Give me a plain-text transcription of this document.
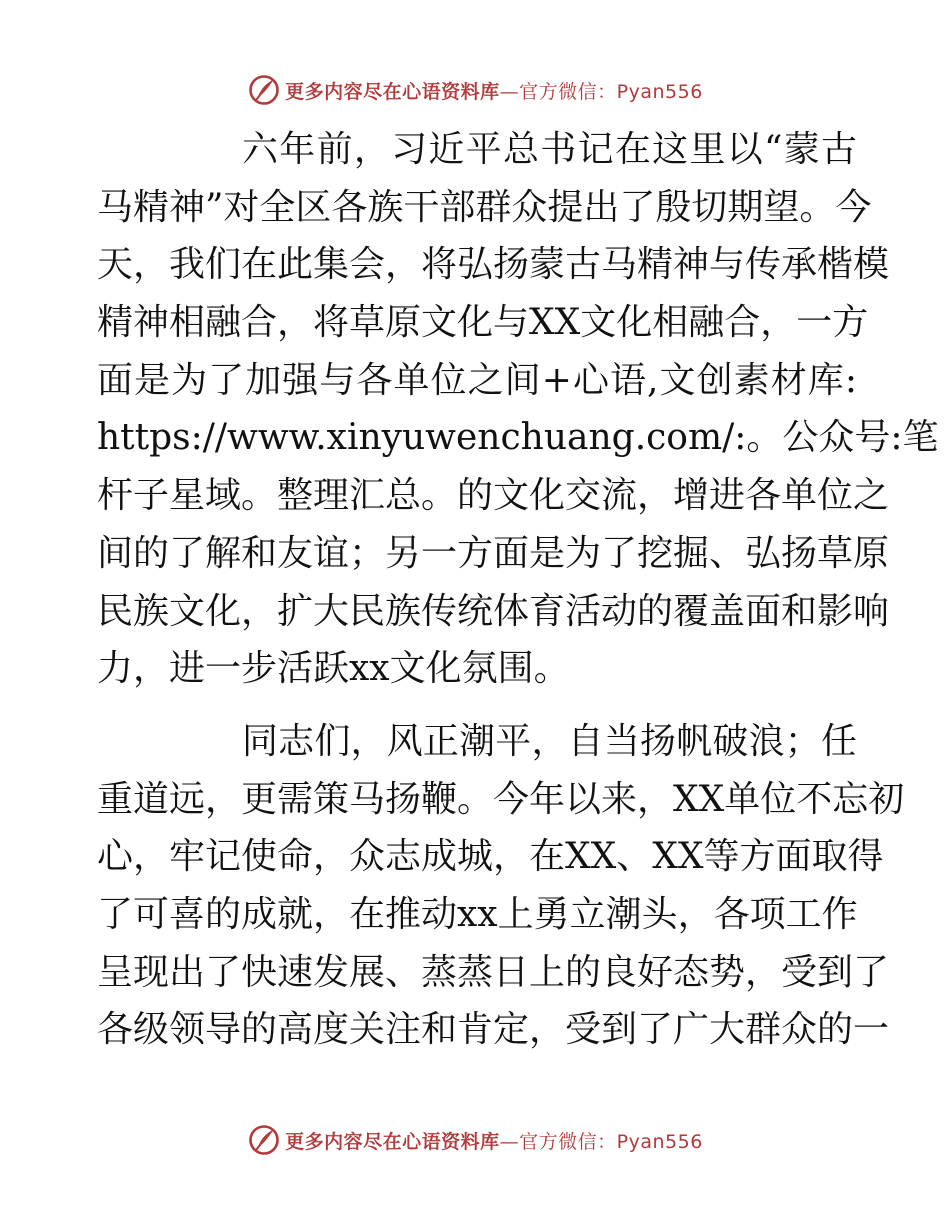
更多内容尽在心语资料库—官方微信：Pyan556
六年前，习近平总书记在这里以“蒙古
马精神”对全区各族干部群众提出了殷切期望。今
天，我们在此集会，将弘扬蒙古马精神与传承楷模
精神相融合，将草原文化与XX文化相融合，一方
面是为了加强与各单位之间+心语,文创素材库:
https://www.xinyuwenchuang.com/:。公众号:笔
杆子星域。整理汇总。的文化交流，增进各单位之
间的了解和友谊；另一方面是为了挖掘、弘扬草原
民族文化，扩大民族传统体育活动的覆盖面和影响
力，进一步活跃xx文化氛围。
同志们，风正潮平，自当扬帆破浪；任
重道远，更需策马扬鞭。今年以来，XX单位不忘初
心，牢记使命，众志成城，在XX、XX等方面取得
了可喜的成就，在推动xx上勇立潮头，各项工作
呈现出了快速发展、蒸蒸日上的良好态势，受到了
各级领导的高度关注和肯定，受到了广大群众的一
更多内容尽在心语资料库—官方微信：Pyan556
